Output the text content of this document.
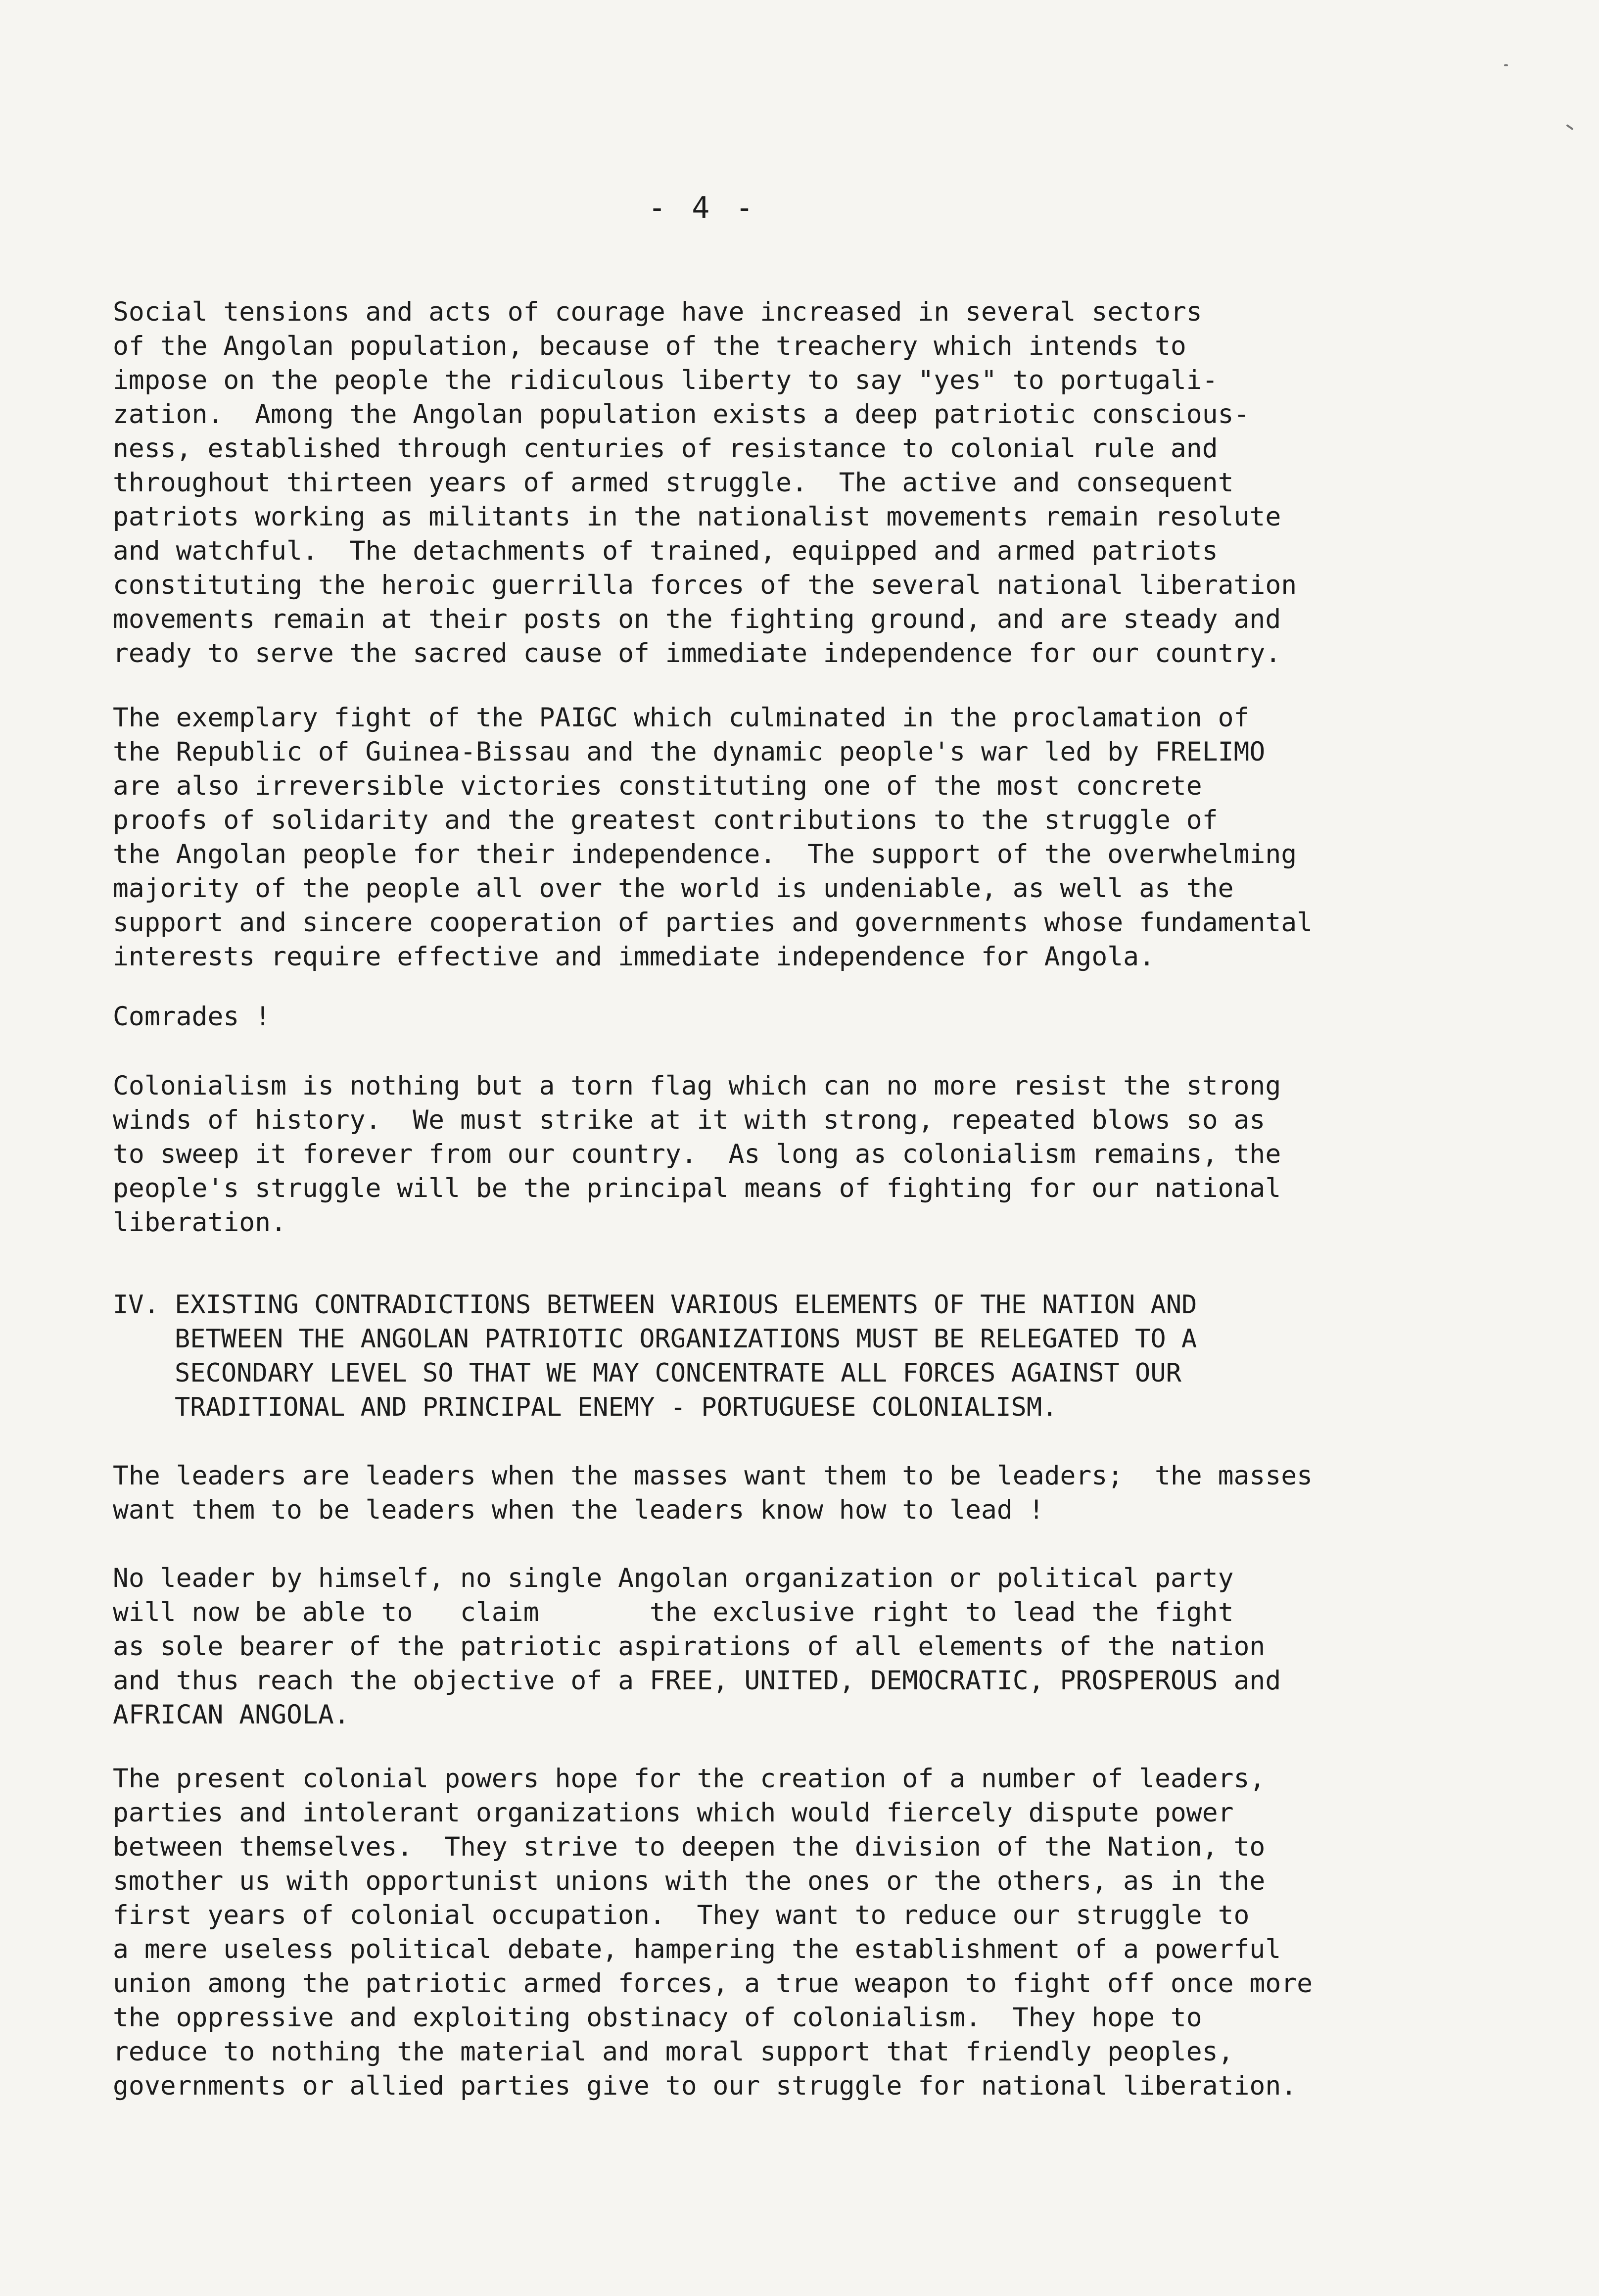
- 4 -
Social tensions and acts of courage have increased in several sectors
of the Angolan population, because of the treachery which intends to
impose on the people the ridiculous liberty to say "yes" to portugali-
zation.  Among the Angolan population exists a deep patriotic conscious-
ness, established through centuries of resistance to colonial rule and
throughout thirteen years of armed struggle.  The active and consequent
patriots working as militants in the nationalist movements remain resolute
and watchful.  The detachments of trained, equipped and armed patriots
constituting the heroic guerrilla forces of the several national liberation
movements remain at their posts on the fighting ground, and are steady and
ready to serve the sacred cause of immediate independence for our country.
The exemplary fight of the PAIGC which culminated in the proclamation of
the Republic of Guinea-Bissau and the dynamic people's war led by FRELIMO
are also irreversible victories constituting one of the most concrete
proofs of solidarity and the greatest contributions to the struggle of
the Angolan people for their independence.  The support of the overwhelming
majority of the people all over the world is undeniable, as well as the
support and sincere cooperation of parties and governments whose fundamental
interests require effective and immediate independence for Angola.
Comrades !
Colonialism is nothing but a torn flag which can no more resist the strong
winds of history.  We must strike at it with strong, repeated blows so as
to sweep it forever from our country.  As long as colonialism remains, the
people's struggle will be the principal means of fighting for our national
liberation.
IV. EXISTING CONTRADICTIONS BETWEEN VARIOUS ELEMENTS OF THE NATION AND
BETWEEN THE ANGOLAN PATRIOTIC ORGANIZATIONS MUST BE RELEGATED TO A
SECONDARY LEVEL SO THAT WE MAY CONCENTRATE ALL FORCES AGAINST OUR
TRADITIONAL AND PRINCIPAL ENEMY - PORTUGUESE COLONIALISM.
The leaders are leaders when the masses want them to be leaders;  the masses
want them to be leaders when the leaders know how to lead !
No leader by himself, no single Angolan organization or political party
will now be able to   claim       the exclusive right to lead the fight
as sole bearer of the patriotic aspirations of all elements of the nation
and thus reach the objective of a FREE, UNITED, DEMOCRATIC, PROSPEROUS and
AFRICAN ANGOLA.
The present colonial powers hope for the creation of a number of leaders,
parties and intolerant organizations which would fiercely dispute power
between themselves.  They strive to deepen the division of the Nation, to
smother us with opportunist unions with the ones or the others, as in the
first years of colonial occupation.  They want to reduce our struggle to
a mere useless political debate, hampering the establishment of a powerful
union among the patriotic armed forces, a true weapon to fight off once more
the oppressive and exploiting obstinacy of colonialism.  They hope to
reduce to nothing the material and moral support that friendly peoples,
governments or allied parties give to our struggle for national liberation.
